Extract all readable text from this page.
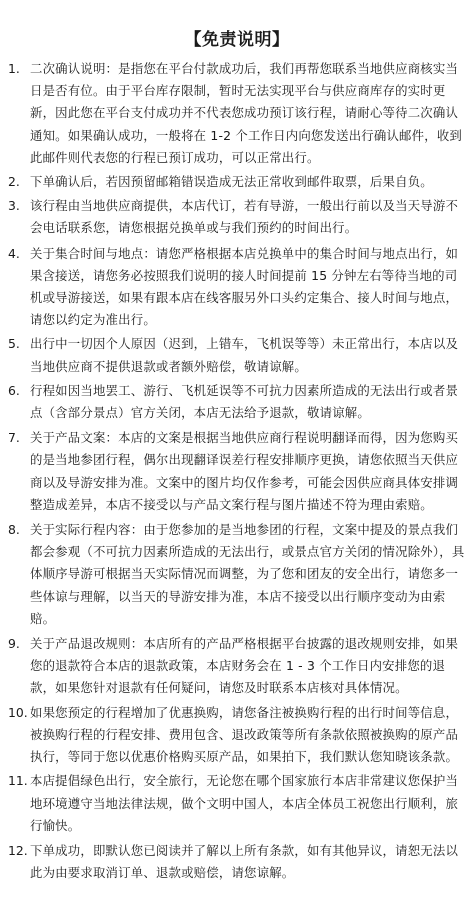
【免责说明】
1. 二次确认说明：是指您在平台付款成功后，我们再帮您联系当地供应商核实当日是否有位。由于平台库存限制，暂时无法实现平台与供应商库存的实时更新，因此您在平台支付成功并不代表您成功预订该行程，请耐心等待二次确认通知。如果确认成功，一般将在 1-2 个工作日内向您发送出行确认邮件，收到此邮件则代表您的行程已预订成功，可以正常出行。
2. 下单确认后，若因预留邮箱错误造成无法正常收到邮件取票，后果自负。
3. 该行程由当地供应商提供，本店代订，若有导游，一般出行前以及当天导游不会电话联系您，请您根据兑换单或与我们预约的时间出行。
4. 关于集合时间与地点：请您严格根据本店兑换单中的集合时间与地点出行，如果含接送，请您务必按照我们说明的接人时间提前 15 分钟左右等待当地的司机或导游接送，如果有跟本店在线客服另外口头约定集合、接人时间与地点，请您以约定为准出行。
5. 出行中一切因个人原因（迟到，上错车，飞机误等等）未正常出行，本店以及当地供应商不提供退款或者额外赔偿，敬请谅解。
6. 行程如因当地罢工、游行、飞机延误等不可抗力因素所造成的无法出行或者景点（含部分景点）官方关闭，本店无法给予退款，敬请谅解。
7. 关于产品文案：本店的文案是根据当地供应商行程说明翻译而得，因为您购买的是当地参团行程，偶尔出现翻译误差行程安排顺序更换，请您依照当天供应商以及导游安排为准。文案中的图片均仅作参考，可能会因供应商具体安排调整造成差异，本店不接受以与产品文案行程与图片描述不符为理由索赔。
8. 关于实际行程内容：由于您参加的是当地参团的行程，文案中提及的景点我们都会参观（不可抗力因素所造成的无法出行，或景点官方关闭的情况除外），具体顺序导游可根据当天实际情况而调整，为了您和团友的安全出行，请您多一些体谅与理解，以当天的导游安排为准，本店不接受以出行顺序变动为由索赔。
9. 关于产品退改规则：本店所有的产品严格根据平台披露的退改规则安排，如果您的退款符合本店的退款政策，本店财务会在 1 - 3 个工作日内安排您的退款，如果您针对退款有任何疑问，请您及时联系本店核对具体情况。
10. 如果您预定的行程增加了优惠换购，请您备注被换购行程的出行时间等信息，被换购行程的行程安排、费用包含、退改政策等所有条款依照被换购的原产品执行，等同于您以优惠价格购买原产品，如果拍下，我们默认您知晓该条款。
11. 本店提倡绿色出行，安全旅行，无论您在哪个国家旅行本店非常建议您保护当地环境遵守当地法律法规，做个文明中国人，本店全体员工祝您出行顺利，旅行愉快。
12. 下单成功，即默认您已阅读并了解以上所有条款，如有其他异议，请恕无法以此为由要求取消订单、退款或赔偿，请您谅解。
